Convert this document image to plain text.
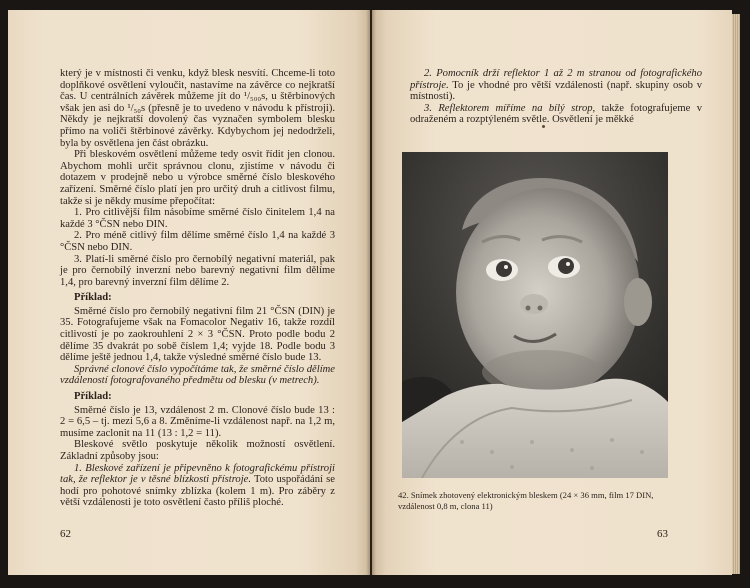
který je v místnosti či venku, když blesk nesvítí. Chceme-li toto doplňkové osvětlení vyloučit, nastavíme na závěrce co nejkratší čas. U centrálních závěrek můžeme jít do ¹/₅₀₀s, u štěrbinových však jen asi do ¹/₅₀s (přesně je to uvedeno v návodu k přístroji). Někdy je nejkratší dovolený čas vyznačen symbolem blesku přímo na voliči štěrbinové závěrky. Kdybychom jej nedodrželi, byla by osvětlena jen část obrázku.

Při bleskovém osvětlení můžeme tedy osvit řídit jen clonou. Abychom mohli určit správnou clonu, zjistíme v návodu či dotazem v prodejně nebo u výrobce směrné číslo bleskového zařízení. Směrné číslo platí jen pro určitý druh a citlivost filmu, takže si je někdy musíme přepočítat:

1. Pro citlivější film násobíme směrné číslo činitelem 1,4 na každé 3 °ČSN nebo DIN.

2. Pro méně citlivý film dělíme směrné číslo 1,4 na každé 3 °ČSN nebo DIN.

3. Platí-li směrné číslo pro černobílý negativní materiál, pak je pro černobílý inverzní nebo barevný negativní film dělíme 1,4, pro barevný inverzní film dělíme 2.

Příklad:

Směrné číslo pro černobílý negativní film 21 °ČSN (DIN) je 35. Fotografujeme však na Fomacolor Negativ 16, takže rozdíl citlivostí je po zaokrouhlení 2 × 3 °ČSN. Proto podle bodu 2 dělíme 35 dvakrát po sobě číslem 1,4; vyjde 18. Podle bodu 3 dělíme ještě jednou 1,4, takže výsledné směrné číslo bude 13.

Správné clonové číslo vypočítáme tak, že směrné číslo dělíme vzdáleností fotografovaného předmětu od blesku (v metrech).

Příklad:

Směrné číslo je 13, vzdálenost 2 m. Clonové číslo bude 13 : 2 = 6,5 – tj. mezi 5,6 a 8. Změníme-li vzdálenost např. na 1,2 m, musíme zaclonit na 11 (13 : 1,2 = 11).

Bleskové světlo poskytuje několik možností osvětlení. Základní způsoby jsou:

1. Bleskové zařízení je připevněno k fotografickému přístroji tak, že reflektor je v těsné blízkosti přístroje. Toto uspořádání se hodí pro pohotové snímky zblízka (kolem 1 m). Pro záběry z větší vzdálenosti je toto osvětlení často příliš ploché.

62

2. Pomocník drží reflektor 1 až 2 m stranou od fotografického přístroje. To je vhodné pro větší vzdálenosti (např. skupiny osob v místnosti).

3. Reflektorem míříme na bílý strop, takže fotografujeme v odraženém a rozptýleném světle. Osvětlení je měkké

42. Snímek zhotovený elektronickým bleskem (24 × 36 mm, film 17 DIN, vzdálenost 0,8 m, clona 11)
63
